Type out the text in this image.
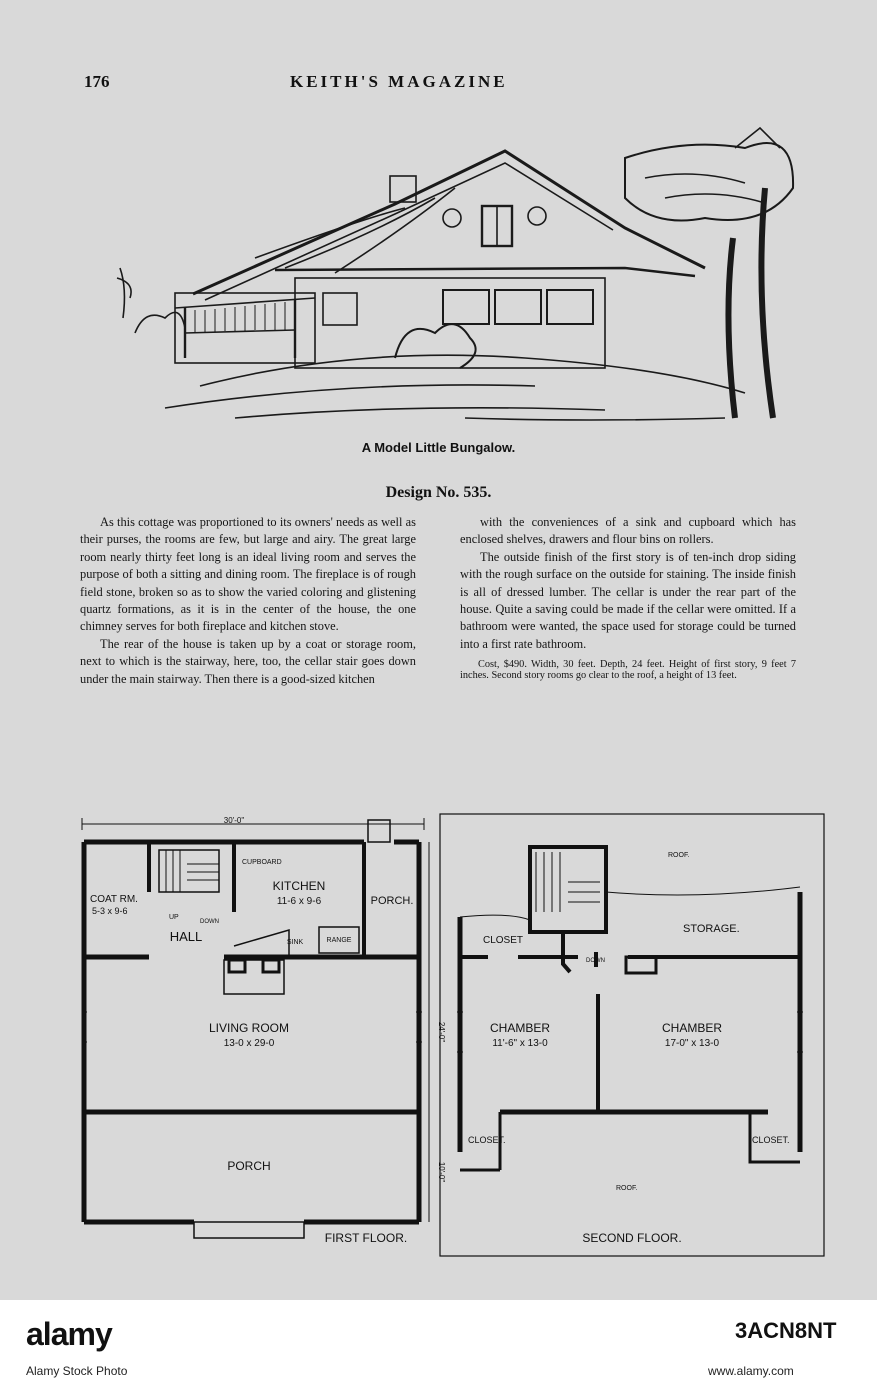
176	KEITH'S MAGAZINE
A Model Little Bungalow.
Design No. 535.

As this cottage was proportioned to its owners' needs as well as their purses, the rooms are few, but large and airy. The great large room nearly thirty feet long is an ideal living room and serves the purpose of both a sitting and dining room. The fireplace is of rough field stone, broken so as to show the varied coloring and glistening quartz formations, as it is in the center of the house, the one chimney serves for both fireplace and kitchen stove.

The rear of the house is taken up by a coat or storage room, next to which is the stairway, here, too, the cellar stair goes down under the main stairway. Then there is a good-sized kitchen

with the conveniences of a sink and cupboard which has enclosed shelves, drawers and flour bins on rollers.

The outside finish of the first story is of ten-inch drop siding with the rough surface on the outside for staining. The inside finish is all of dressed lumber. The cellar is under the rear part of the house. Quite a saving could be made if the cellar were omitted. If a bathroom were wanted, the space used for storage could be turned into a first rate bathroom.

Cost, $490. Width, 30 feet. Depth, 24 feet. Height of first story, 9 feet 7 inches. Second story rooms go clear to the roof, a height of 13 feet.

30'-0"
24'-0"
10'-0"
CUPBOARD
COAT RM.
5-3 x 9-6
UP
DOWN
KITCHEN
11-6 x 9-6	PORCH.
HALL	SINK	RANGE
LIVING ROOM
13-0 x 29-0
PORCH
FIRST FLOOR.
ROOF.
STORAGE.
CLOSET
DOWN
CHAMBER
11'-6" x 13-0
CHAMBER
17-0" x 13-0
CLOSET.	CLOSET.
ROOF.
SECOND FLOOR.
alamy	3ACN8NT
Alamy Stock Photo	www.alamy.com
